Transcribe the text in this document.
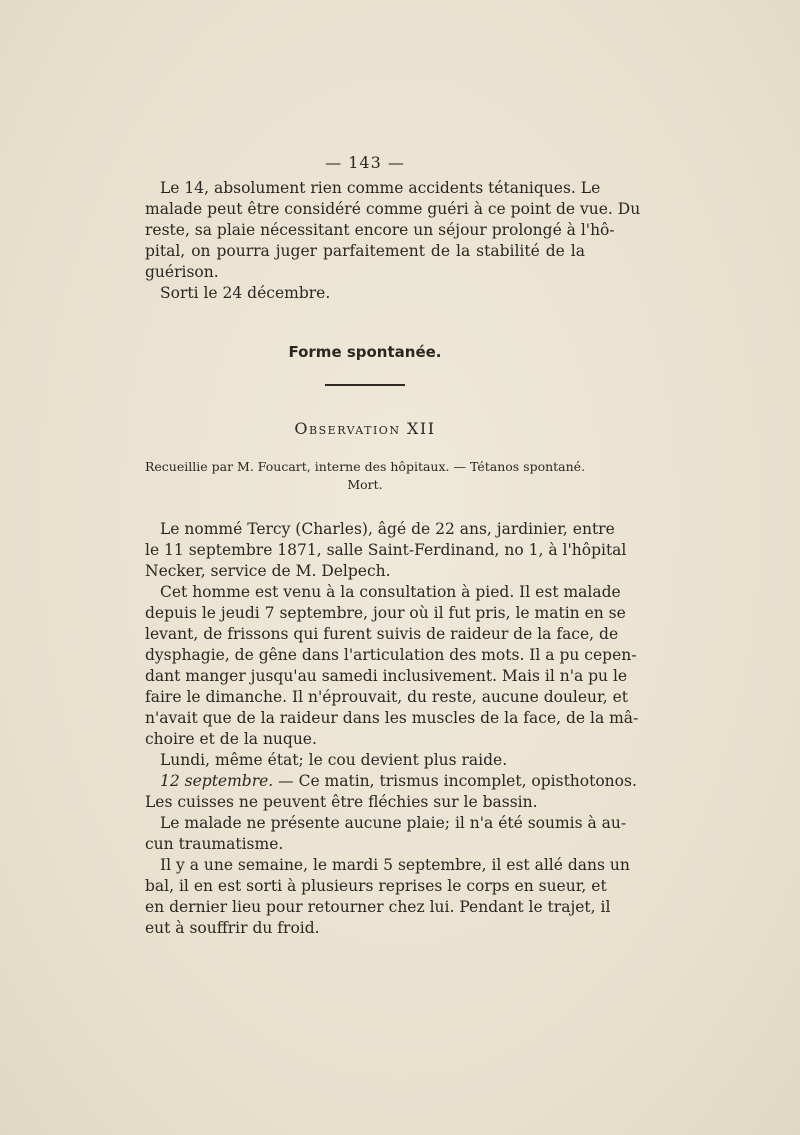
— 143 —
Le 14, absolument rien comme accidents tétaniques. Le
malade peut être considéré comme guéri à ce point de vue. Du
reste, sa plaie nécessitant encore un séjour prolongé à l'hô-
pital, on pourra juger parfaitement de la stabilité de la
guérison.
Sorti le 24 décembre.
Forme spontanée.
Observation XII
Recueillie par M. Foucart, interne des hôpitaux. — Tétanos spontané.
Mort.
Le nommé Tercy (Charles), âgé de 22 ans, jardinier, entre
le 11 septembre 1871, salle Saint-Ferdinand, no 1, à l'hôpital
Necker, service de M. Delpech.
Cet homme est venu à la consultation à pied. Il est malade
depuis le jeudi 7 septembre, jour où il fut pris, le matin en se
levant, de frissons qui furent suivis de raideur de la face, de
dysphagie, de gêne dans l'articulation des mots. Il a pu cepen-
dant manger jusqu'au samedi inclusivement. Mais il n'a pu le
faire le dimanche. Il n'éprouvait, du reste, aucune douleur, et
n'avait que de la raideur dans les muscles de la face, de la mâ-
choire et de la nuque.
Lundi, même état; le cou devient plus raide.
12 septembre. — Ce matin, trismus incomplet, opisthotonos.
Les cuisses ne peuvent être fléchies sur le bassin.
Le malade ne présente aucune plaie; il n'a été soumis à au-
cun traumatisme.
Il y a une semaine, le mardi 5 septembre, il est allé dans un
bal, il en est sorti à plusieurs reprises le corps en sueur, et
en dernier lieu pour retourner chez lui. Pendant le trajet, il
eut à souffrir du froid.
